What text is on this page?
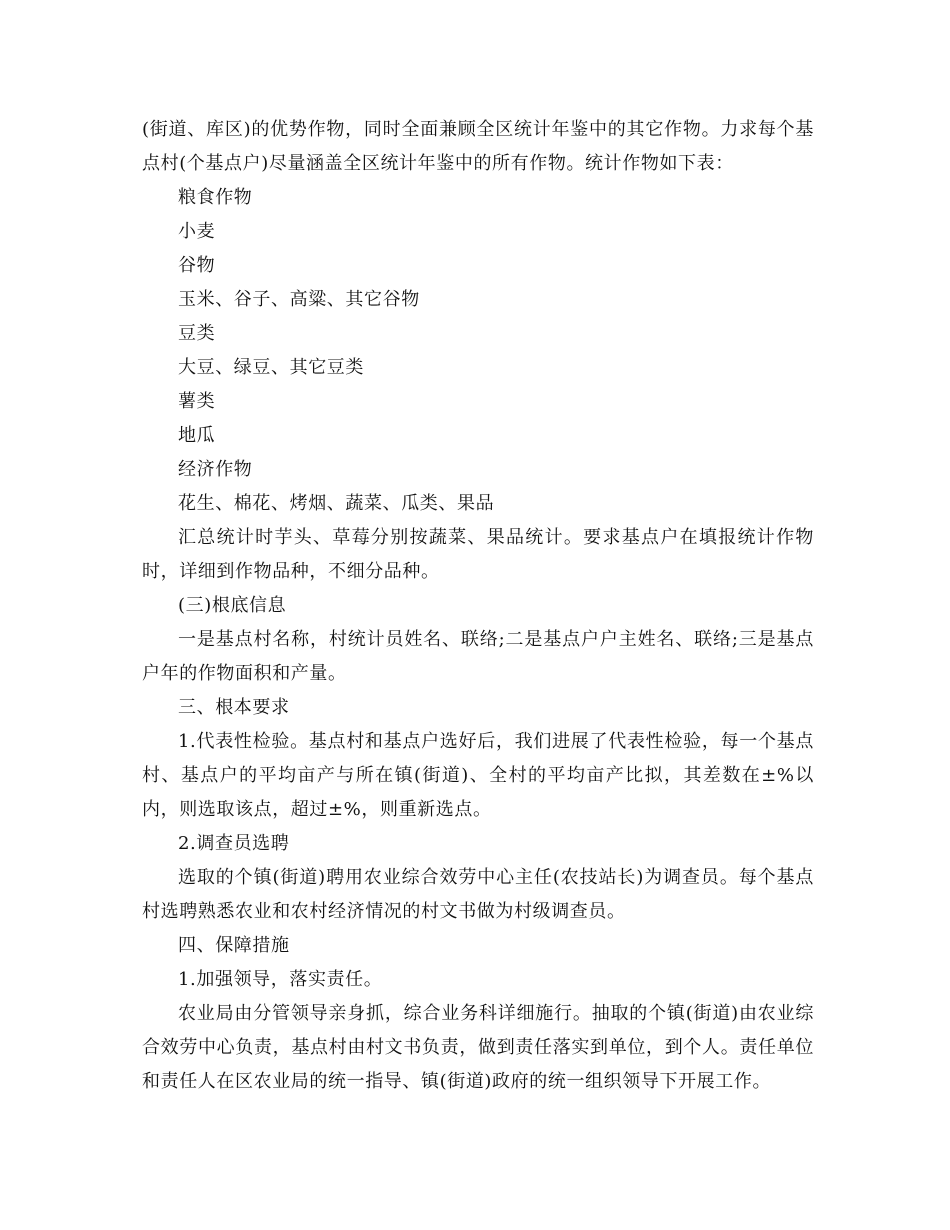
(街道、库区)的优势作物，同时全面兼顾全区统计年鉴中的其它作物。力求每个基点村(个基点户)尽量涵盖全区统计年鉴中的所有作物。统计作物如下表：

粮食作物

小麦

谷物

玉米、谷子、高粱、其它谷物

豆类

大豆、绿豆、其它豆类

薯类

地瓜

经济作物

花生、棉花、烤烟、蔬菜、瓜类、果品

汇总统计时芋头、草莓分别按蔬菜、果品统计。要求基点户在填报统计作物时，详细到作物品种，不细分品种。

(三)根底信息

一是基点村名称，村统计员姓名、联络;二是基点户户主姓名、联络;三是基点户年的作物面积和产量。

三、根本要求

1.代表性检验。基点村和基点户选好后，我们进展了代表性检验，每一个基点村、基点户的平均亩产与所在镇(街道)、全村的平均亩产比拟，其差数在±%以内，则选取该点，超过±%，则重新选点。

2.调查员选聘

选取的个镇(街道)聘用农业综合效劳中心主任(农技站长)为调查员。每个基点村选聘熟悉农业和农村经济情况的村文书做为村级调查员。

四、保障措施

1.加强领导，落实责任。

农业局由分管领导亲身抓，综合业务科详细施行。抽取的个镇(街道)由农业综合效劳中心负责，基点村由村文书负责，做到责任落实到单位，到个人。责任单位和责任人在区农业局的统一指导、镇(街道)政府的统一组织领导下开展工作。
